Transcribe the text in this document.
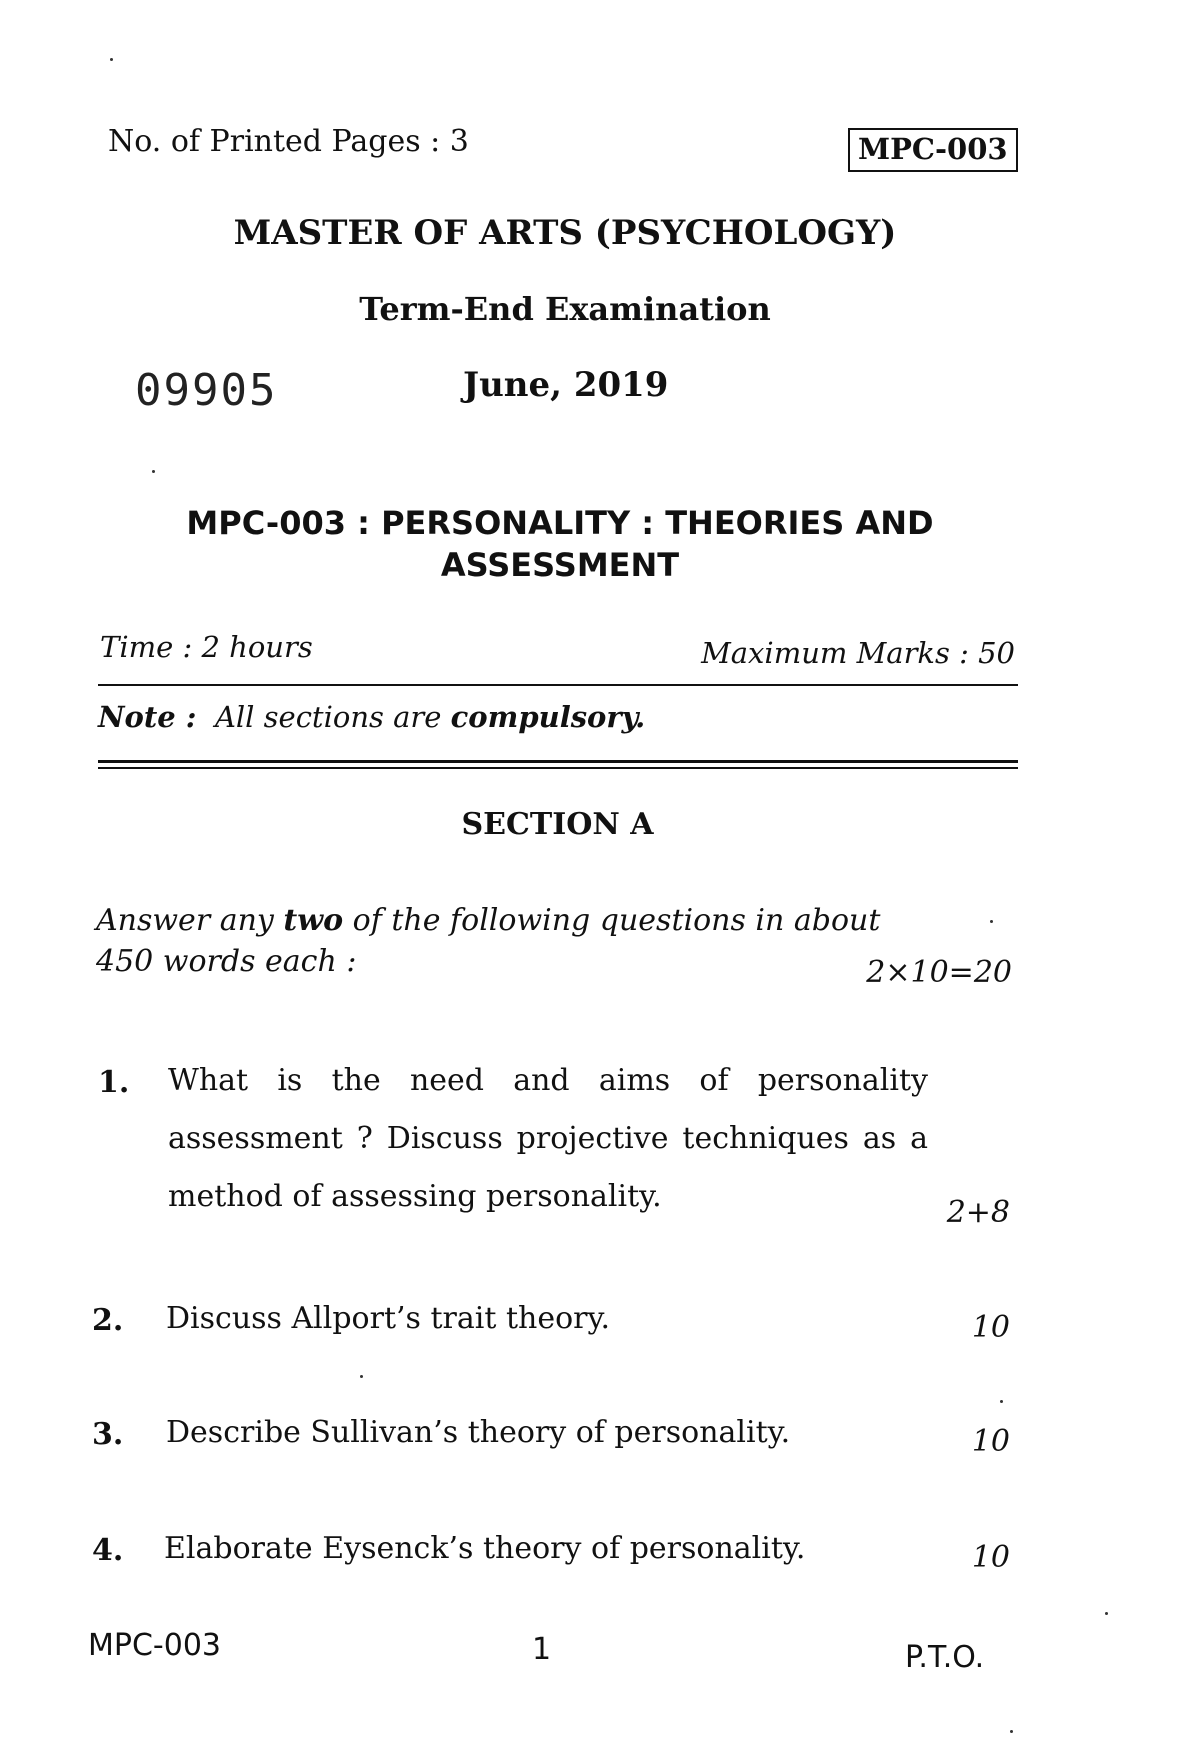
No. of Printed Pages : 3	MPC-003
MASTER OF ARTS (PSYCHOLOGY)
Term-End Examination
09905	June, 2019
MPC-003 : PERSONALITY : THEORIES AND
ASSESSMENT
Time : 2 hours	Maximum Marks : 50
Note : All sections are compulsory.
SECTION A
Answer any two of the following questions in about
450 words each :	2×10=20
1. What is the need and aims of personality assessment ? Discuss projective techniques as a method of assessing personality.	2+8
2. Discuss Allport’s trait theory.	10
3. Describe Sullivan’s theory of personality.	10
4. Elaborate Eysenck’s theory of personality.	10
MPC-003	1	P.T.O.
